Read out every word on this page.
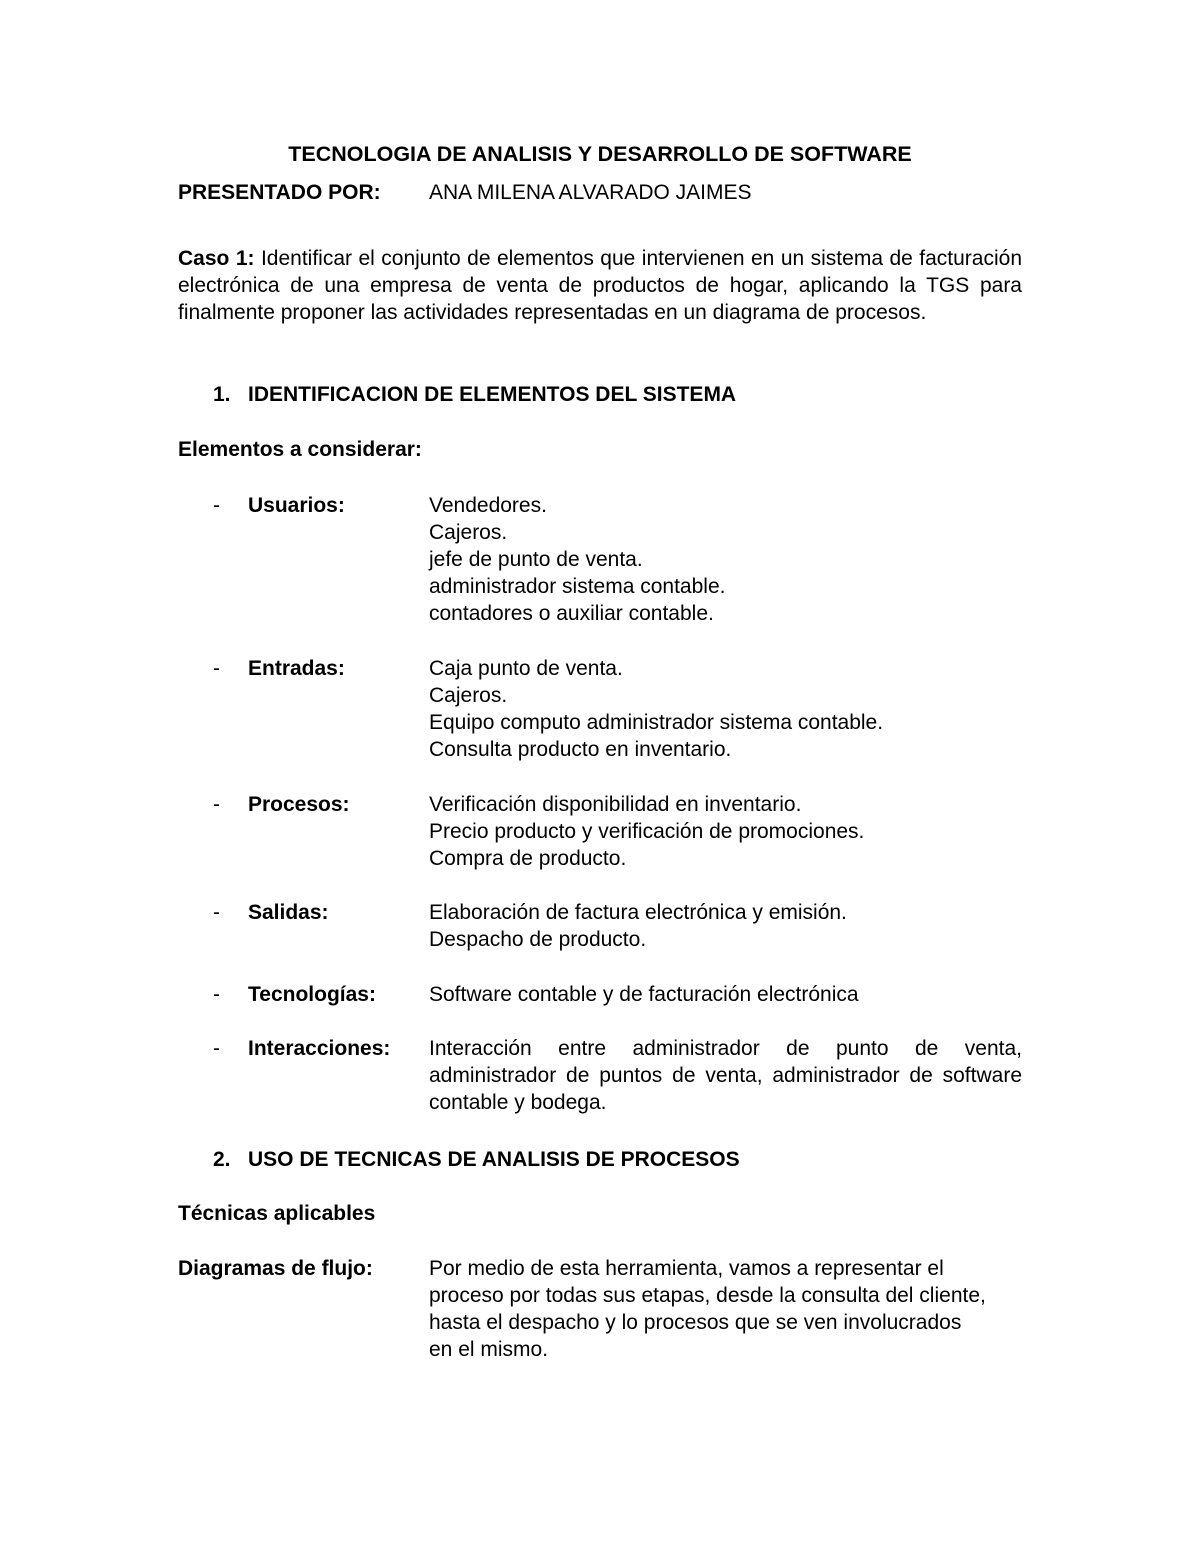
TECNOLOGIA DE ANALISIS Y DESARROLLO DE SOFTWARE
PRESENTADO POR: ANA MILENA ALVARADO JAIMES
Caso 1: Identificar el conjunto de elementos que intervienen en un sistema de facturación electrónica de una empresa de venta de productos de hogar, aplicando la TGS para finalmente proponer las actividades representadas en un diagrama de procesos.
1. IDENTIFICACION DE ELEMENTOS DEL SISTEMA
Elementos a considerar:
- Usuarios:	Vendedores.
Cajeros.
jefe de punto de venta.
administrador sistema contable.
contadores o auxiliar contable.
- Entradas:	Caja punto de venta.
Cajeros.
Equipo computo administrador sistema contable.
Consulta producto en inventario.
- Procesos:	Verificación disponibilidad en inventario.
Precio producto y verificación de promociones.
Compra de producto.
- Salidas:	Elaboración de factura electrónica y emisión.
Despacho de producto.
- Tecnologías:	Software contable y de facturación electrónica
- Interacciones: Interacción entre administrador de punto de venta, administrador de puntos de venta, administrador de software contable y bodega.
2. USO DE TECNICAS DE ANALISIS DE PROCESOS
Técnicas aplicables
Diagramas de flujo:	Por medio de esta herramienta, vamos a representar el proceso por todas sus etapas, desde la consulta del cliente, hasta el despacho y lo procesos que se ven involucrados en el mismo.
